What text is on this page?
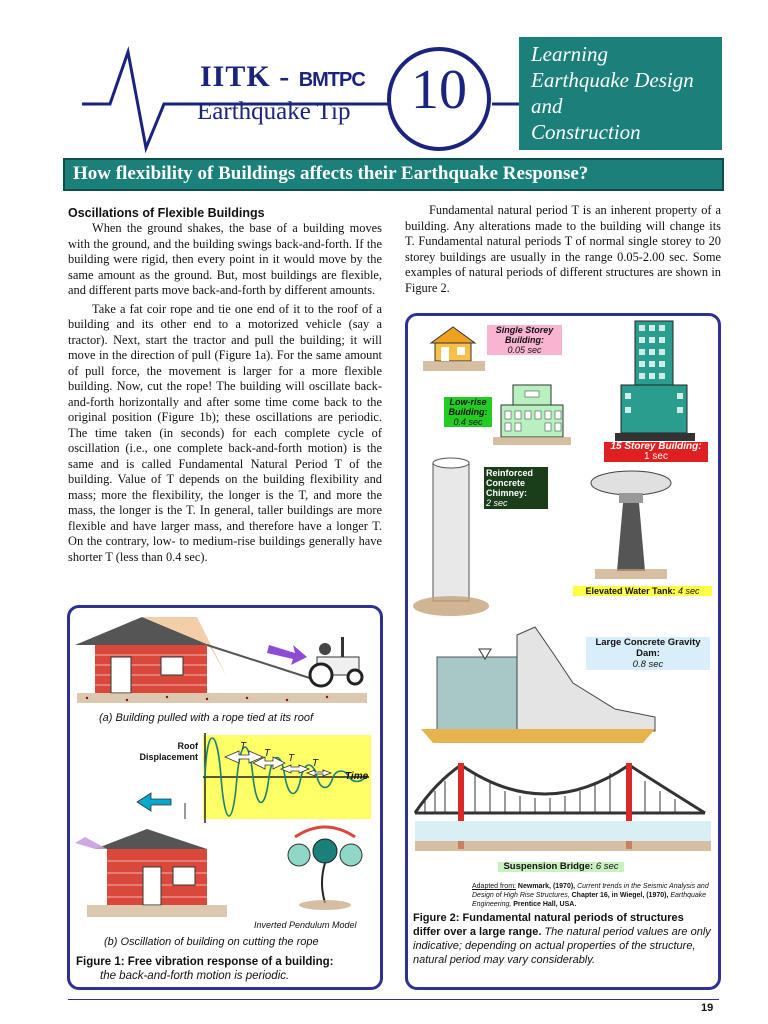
IITK - BMTPC
Earthquake Tip	10
Learning
Earthquake Design
and
Construction
How flexibility of Buildings affects their Earthquake Response?
Oscillations of Flexible Buildings

When the ground shakes, the base of a building moves with the ground, and the building swings back-and-forth. If the building were rigid, then every point in it would move by the same amount as the ground. But, most buildings are flexible, and different parts move back-and-forth by different amounts.

Take a fat coir rope and tie one end of it to the roof of a building and its other end to a motorized vehicle (say a tractor). Next, start the tractor and pull the building; it will move in the direction of pull (Figure 1a). For the same amount of pull force, the movement is larger for a more flexible building. Now, cut the rope! The building will oscillate back-and-forth horizontally and after some time come back to the original position (Figure 1b); these oscillations are periodic. The time taken (in seconds) for each complete cycle of oscillation (i.e., one complete back-and-forth motion) is the same and is called Fundamental Natural Period T of the building. Value of T depends on the building flexibility and mass; more the flexibility, the longer is the T, and more the mass, the longer is the T. In general, taller buildings are more flexible and have larger mass, and therefore have a longer T. On the contrary, low- to medium-rise buildings generally have shorter T (less than 0.4 sec).

Fundamental natural period T is an inherent property of a building. Any alterations made to the building will change its T. Fundamental natural periods T of normal single storey to 20 storey buildings are usually in the range 0.05-2.00 sec. Some examples of natural periods of different structures are shown in Figure 2.

(a) Building pulled with a rope tied at its roof
Roof Displacement
Time
T
T T T
Inverted Pendulum Model
(b) Oscillation of building on cutting the rope
Figure 1: Free vibration response of a building:
the back-and-forth motion is periodic.
Single Storey Building:
0.05 sec
Low-rise Building:
0.4 sec
15 Storey Building:
1 sec
Reinforced Concrete Chimney:
2 sec
Elevated Water Tank: 4 sec
Large Concrete Gravity Dam:
0.8 sec
Suspension Bridge: 6 sec
Adapted from: Newmark, (1970), Current trends in the Seismic Analysis and Design of High Rise Structures, Chapter 16, in Wiegel, (1970), Earthquake Engineering, Prentice Hall, USA.
Figure 2: Fundamental natural periods of structures differ over a large range. The natural period values are only indicative; depending on actual properties of the structure, natural period may vary considerably.
19
